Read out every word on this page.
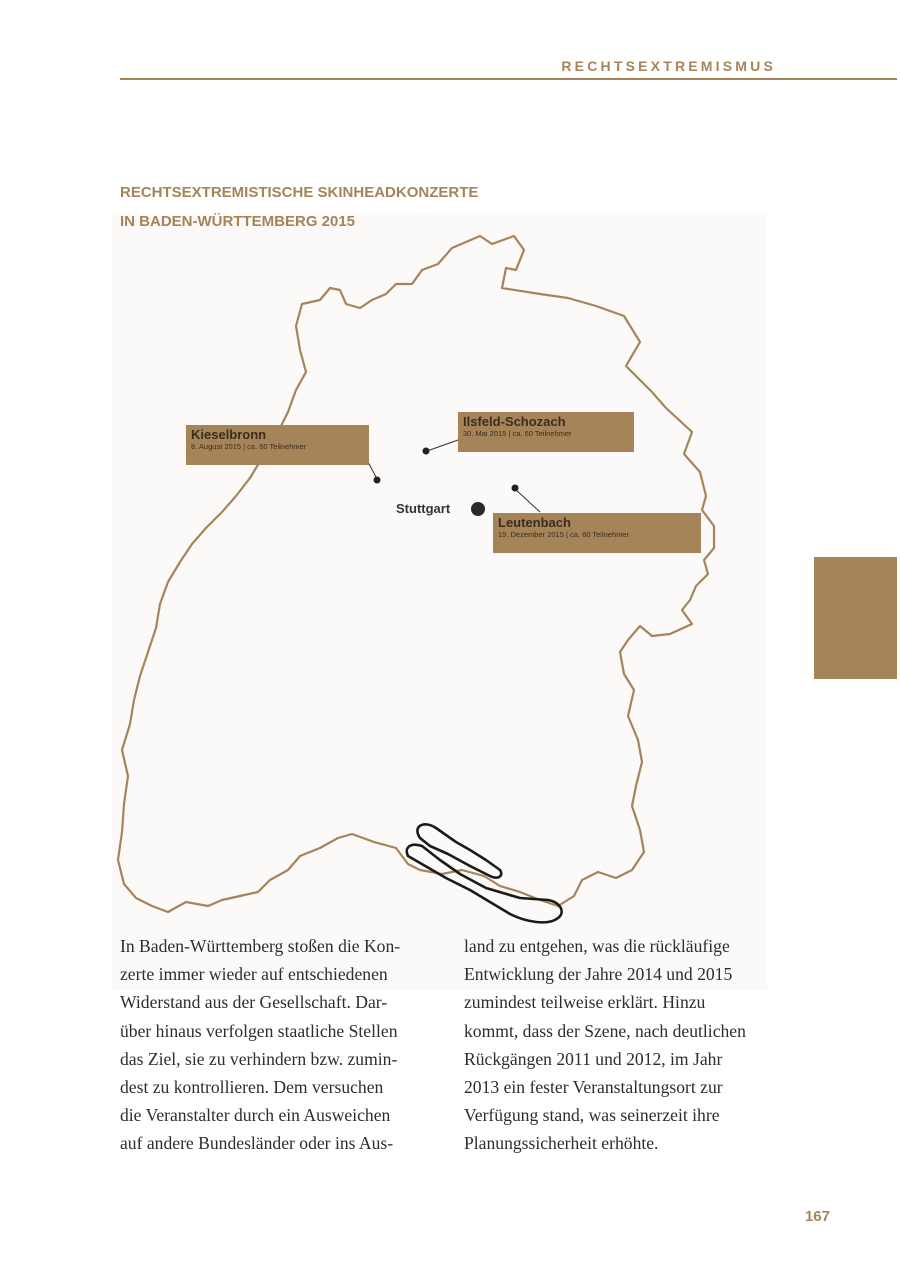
RECHTSEXTREMISMUS
RECHTSEXTREMISTISCHE SKINHEADKONZERTE
IN BADEN-WÜRTTEMBERG 2015
Kieselbronn
8. August 2015 | ca. 60 Teilnehmer
Ilsfeld-Schozach
30. Mai 2015 | ca. 60 Teilnehmer
Leutenbach
19. Dezember 2015 | ca. 60 Teilnehmer
Stuttgart
In Baden-Württemberg stoßen die Kon-
zerte immer wieder auf entschiedenen
Widerstand aus der Gesellschaft. Dar-
über hinaus verfolgen staatliche Stellen
das Ziel, sie zu verhindern bzw. zumin-
dest zu kontrollieren. Dem versuchen
die Veranstalter durch ein Ausweichen
auf andere Bundesländer oder ins Aus-
land zu entgehen, was die rückläufige
Entwicklung der Jahre 2014 und 2015
zumindest teilweise erklärt. Hinzu
kommt, dass der Szene, nach deutlichen
Rückgängen 2011 und 2012, im Jahr
2013 ein fester Veranstaltungsort zur
Verfügung stand, was seinerzeit ihre
Planungssicherheit erhöhte.
167
